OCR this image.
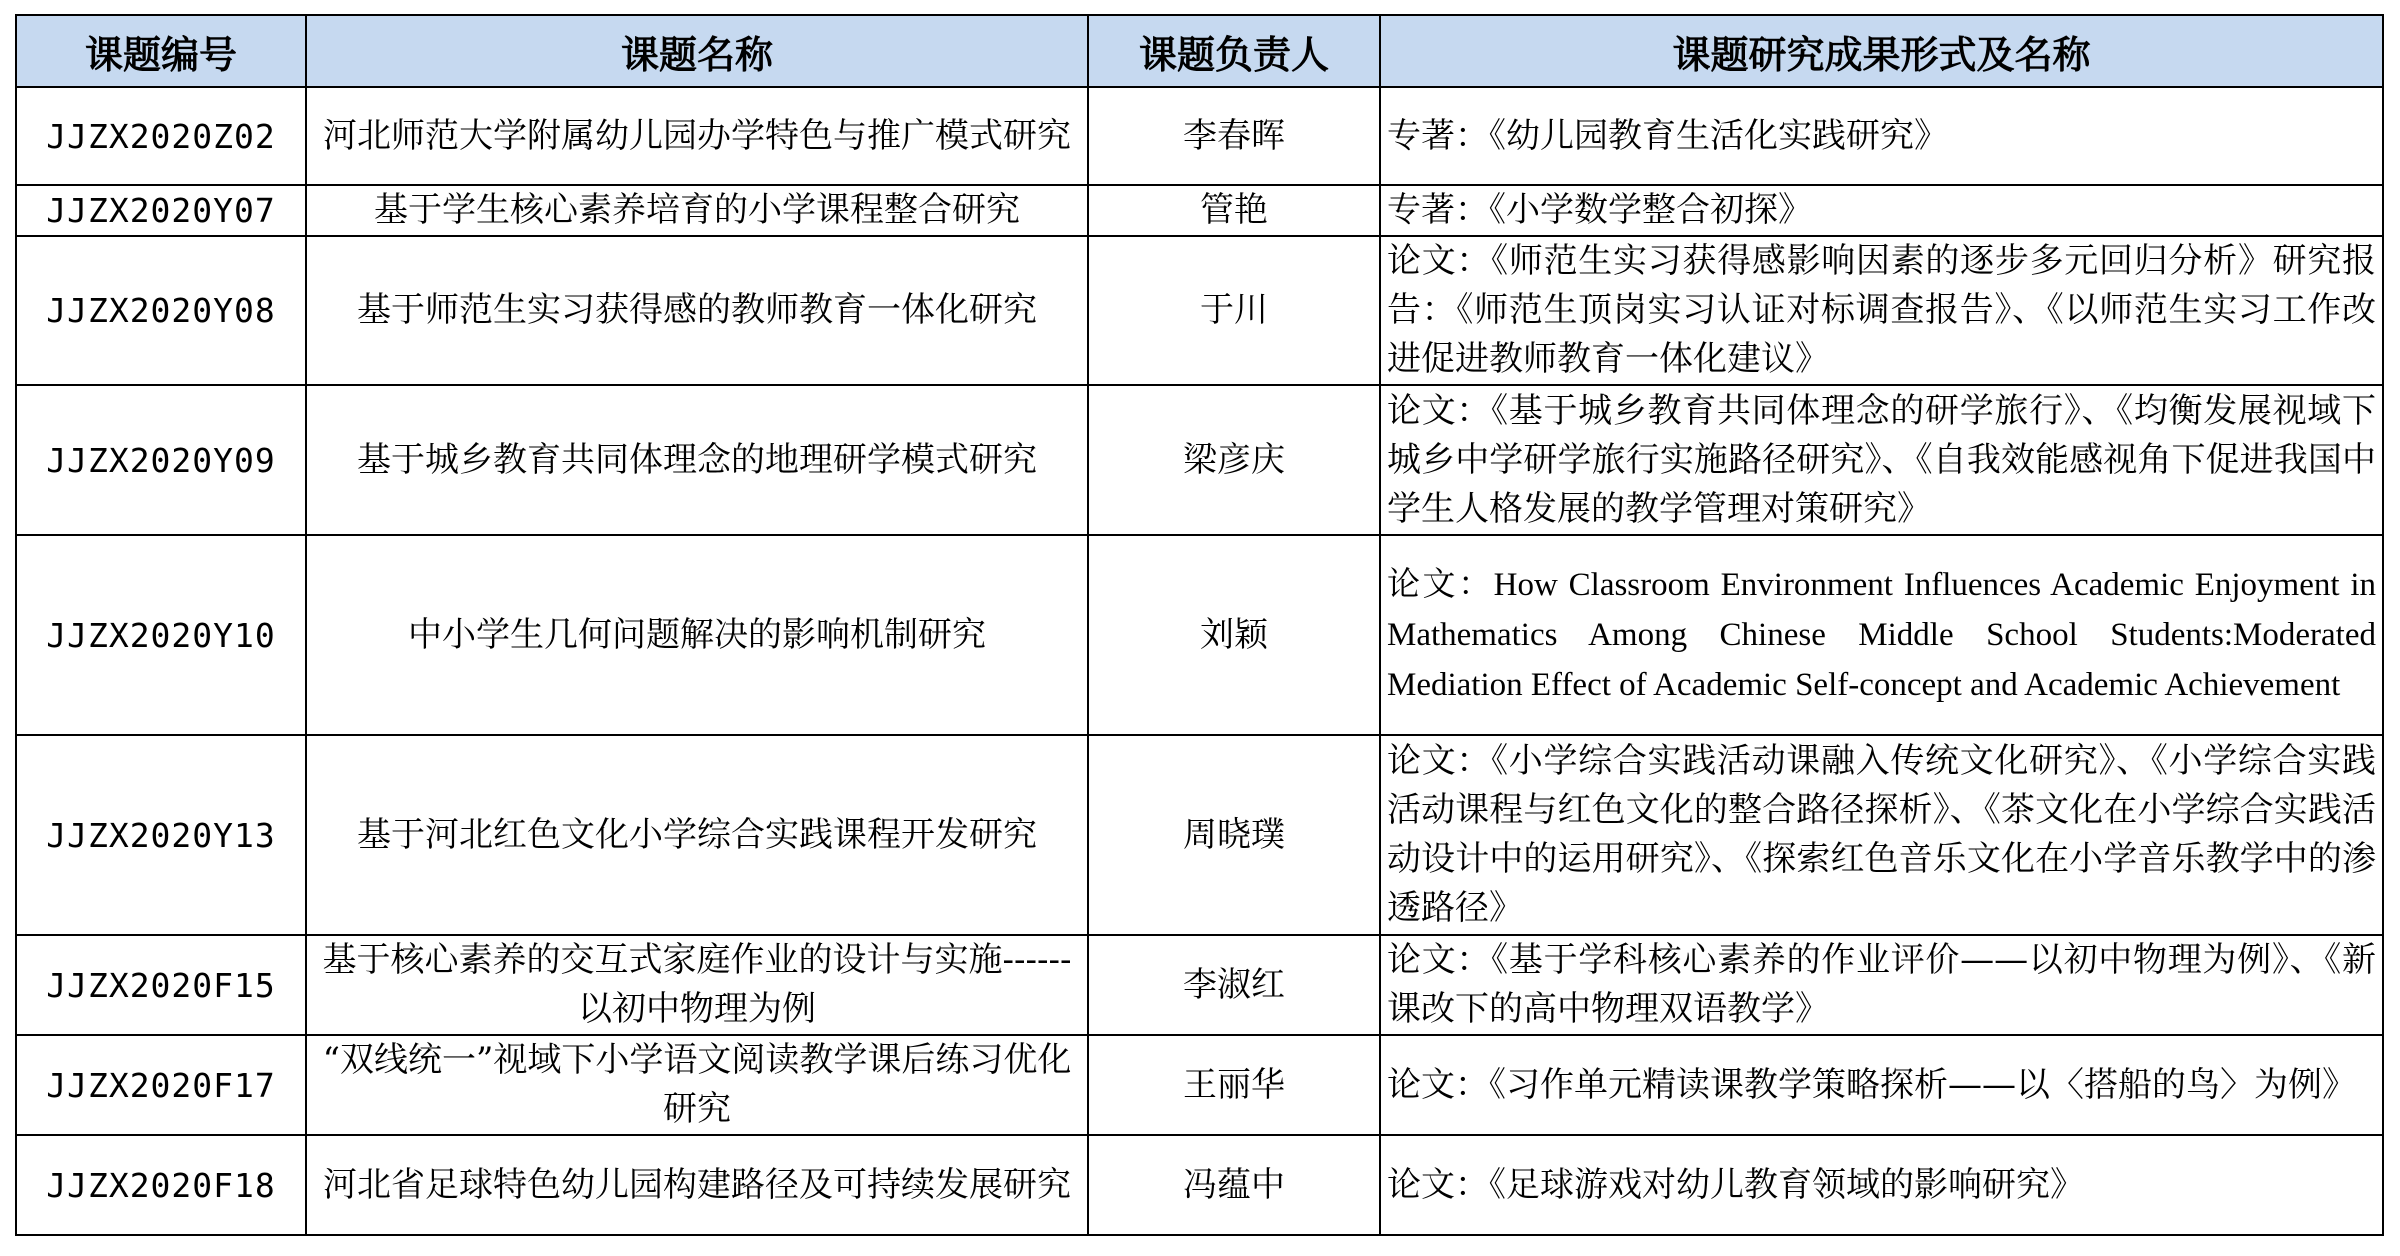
课题编号	课题名称	课题负责人	课题研究成果形式及名称
JJZX2020Z02	河北师范大学附属幼儿园办学特色与推广模式研究	李春晖	专著：《幼儿园教育生活化实践研究》
JJZX2020Y07	基于学生核心素养培育的小学课程整合研究	管艳	专著：《小学数学整合初探》
JJZX2020Y08	基于师范生实习获得感的教师教育一体化研究	于川	论文：《师范生实习获得感影响因素的逐步多元回归分析》研究报告：《师范生顶岗实习认证对标调查报告》、《以师范生实习工作改进促进教师教育一体化建议》
JJZX2020Y09	基于城乡教育共同体理念的地理研学模式研究	梁彦庆	论文：《基于城乡教育共同体理念的研学旅行》、《均衡发展视域下城乡中学研学旅行实施路径研究》、《自我效能感视角下促进我国中学生人格发展的教学管理对策研究》
JJZX2020Y10	中小学生几何问题解决的影响机制研究	刘颖	论文：How Classroom Environment Influences Academic Enjoyment in Mathematics Among Chinese Middle School Students:Moderated Mediation Effect of Academic Self-concept and Academic Achievement
JJZX2020Y13	基于河北红色文化小学综合实践课程开发研究	周晓璞	论文：《小学综合实践活动课融入传统文化研究》、《小学综合实践活动课程与红色文化的整合路径探析》、《茶文化在小学综合实践活动设计中的运用研究》、《探索红色音乐文化在小学音乐教学中的渗透路径》
JJZX2020F15	基于核心素养的交互式家庭作业的设计与实施------以初中物理为例	李淑红	论文：《基于学科核心素养的作业评价——以初中物理为例》、《新课改下的高中物理双语教学》
JJZX2020F17	“双线统一”视域下小学语文阅读教学课后练习优化研究	王丽华	论文：《习作单元精读课教学策略探析——以〈搭船的鸟〉为例》
JJZX2020F18	河北省足球特色幼儿园构建路径及可持续发展研究	冯蕴中	论文：《足球游戏对幼儿教育领域的影响研究》
